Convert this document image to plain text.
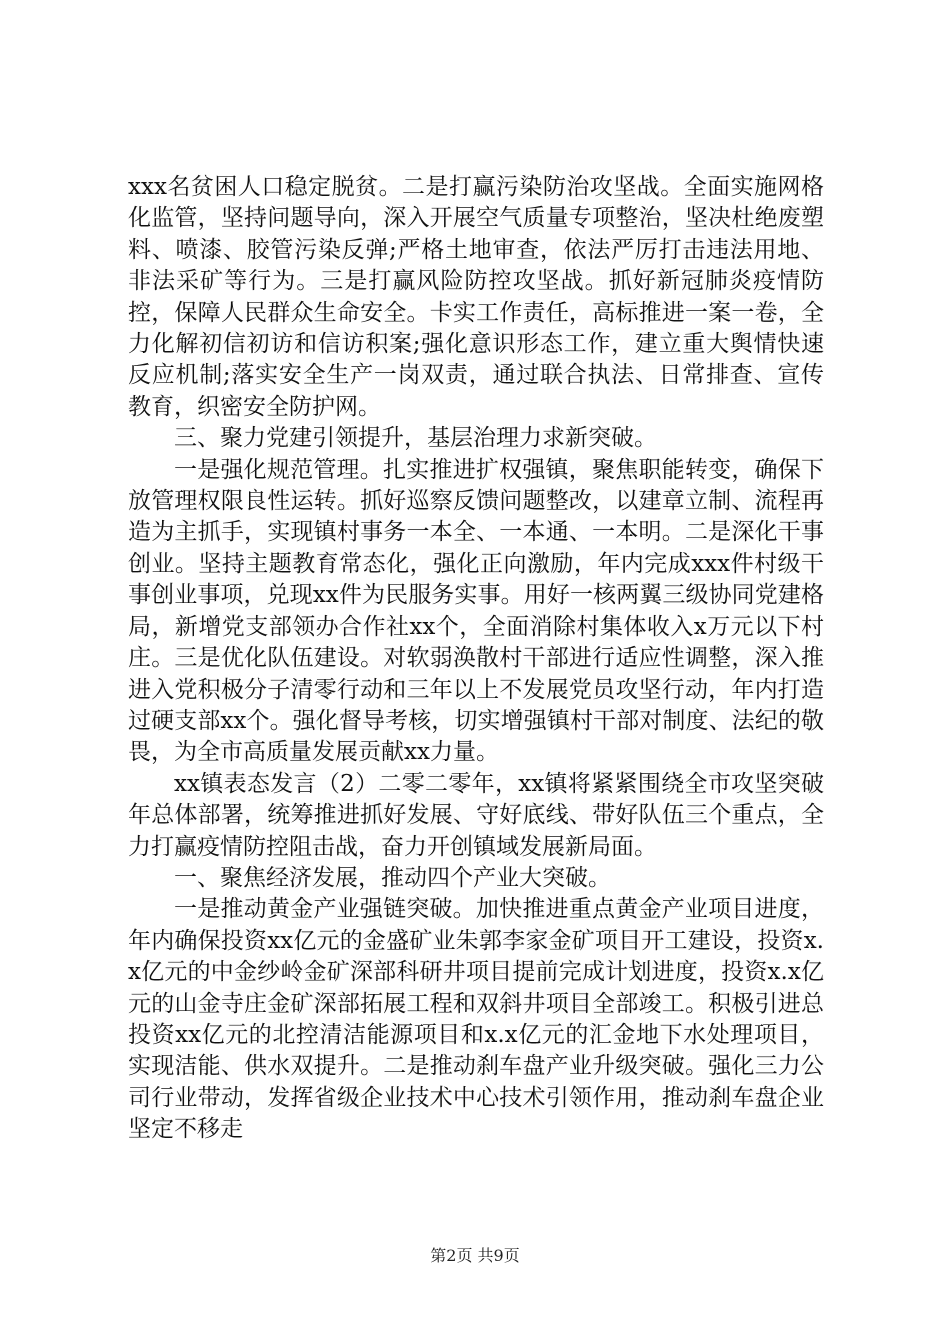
xxx名贫困人口稳定脱贫。二是打赢污染防治攻坚战。全面实施网格化监管，坚持问题导向，深入开展空气质量专项整治，坚决杜绝废塑料、喷漆、胶管污染反弹;严格土地审查，依法严厉打击违法用地、非法采矿等行为。三是打赢风险防控攻坚战。抓好新冠肺炎疫情防控，保障人民群众生命安全。卡实工作责任，高标推进一案一卷，全力化解初信初访和信访积案;强化意识形态工作，建立重大舆情快速反应机制;落实安全生产一岗双责，通过联合执法、日常排查、宣传教育，织密安全防护网。

三、聚力党建引领提升，基层治理力求新突破。

一是强化规范管理。扎实推进扩权强镇，聚焦职能转变，确保下放管理权限良性运转。抓好巡察反馈问题整改，以建章立制、流程再造为主抓手，实现镇村事务一本全、一本通、一本明。二是深化干事创业。坚持主题教育常态化，强化正向激励，年内完成xxx件村级干事创业事项，兑现xx件为民服务实事。用好一核两翼三级协同党建格局，新增党支部领办合作社xx个，全面消除村集体收入x万元以下村庄。三是优化队伍建设。对软弱涣散村干部进行适应性调整，深入推进入党积极分子清零行动和三年以上不发展党员攻坚行动，年内打造过硬支部xx个。强化督导考核，切实增强镇村干部对制度、法纪的敬畏，为全市高质量发展贡献xx力量。

xx镇表态发言（2）二零二零年，xx镇将紧紧围绕全市攻坚突破年总体部署，统筹推进抓好发展、守好底线、带好队伍三个重点，全力打赢疫情防控阻击战，奋力开创镇域发展新局面。

一、聚焦经济发展，推动四个产业大突破。

一是推动黄金产业强链突破。加快推进重点黄金产业项目进度，年内确保投资xx亿元的金盛矿业朱郭李家金矿项目开工建设，投资x.x亿元的中金纱岭金矿深部科研井项目提前完成计划进度，投资x.x亿元的山金寺庄金矿深部拓展工程和双斜井项目全部竣工。积极引进总投资xx亿元的北控清洁能源项目和x.x亿元的汇金地下水处理项目，实现洁能、供水双提升。二是推动刹车盘产业升级突破。强化三力公司行业带动，发挥省级企业技术中心技术引领作用，推动刹车盘企业坚定不移走

第2页 共9页
